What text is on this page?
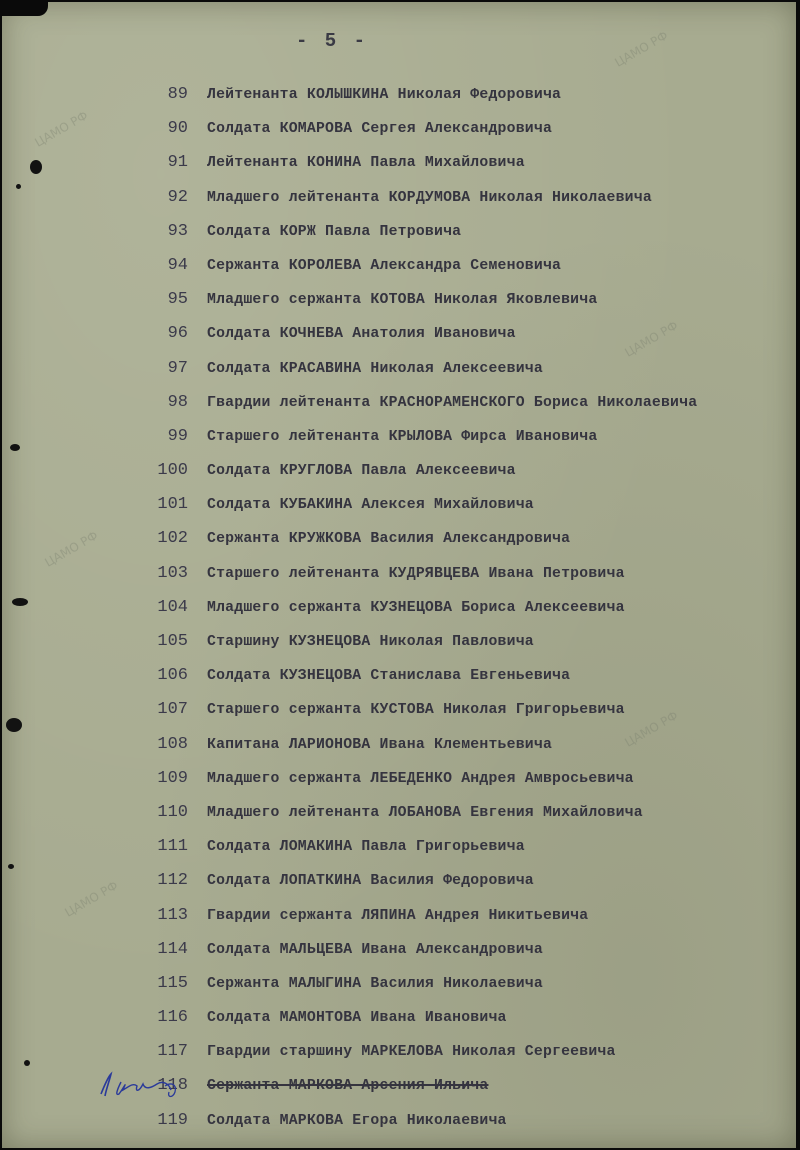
ЦАМО РФ
ЦАМО РФ
ЦАМО РФ
ЦАМО РФ
ЦАМО РФ
ЦАМО РФ
- 5 -
89 Лейтенанта КОЛЫШКИНА Николая Федоровича
90 Солдата КОМАРОВА Сергея Александровича
91 Лейтенанта КОНИНА Павла Михайловича
92 Младшего лейтенанта КОРДУМОВА Николая Николаевича
93 Солдата КОРЖ Павла Петровича
94 Сержанта КОРОЛЕВА Александра Семеновича
95 Младшего сержанта КОТОВА Николая Яковлевича
96 Солдата КОЧНЕВА Анатолия Ивановича
97 Солдата КРАСАВИНА Николая Алексеевича
98 Гвардии лейтенанта КРАСНОРАМЕНСКОГО Бориса Николаевича
99 Старшего лейтенанта КРЫЛОВА Фирса Ивановича
100 Солдата КРУГЛОВА Павла Алексеевича
101 Солдата КУБАКИНА Алексея Михайловича
102 Сержанта КРУЖКОВА Василия Александровича
103 Старшего лейтенанта КУДРЯВЦЕВА Ивана Петровича
104 Младшего сержанта КУЗНЕЦОВА Бориса Алексеевича
105 Старшину КУЗНЕЦОВА Николая Павловича
106 Солдата КУЗНЕЦОВА Станислава Евгеньевича
107 Старшего сержанта КУСТОВА Николая Григорьевича
108 Капитана ЛАРИОНОВА Ивана Клементьевича
109 Младшего сержанта ЛЕБЕДЕНКО Андрея Амвросьевича
110 Младшего лейтенанта ЛОБАНОВА Евгения Михайловича
111 Солдата ЛОМАКИНА Павла Григорьевича
112 Солдата ЛОПАТКИНА Василия Федоровича
113 Гвардии сержанта ЛЯПИНА Андрея Никитьевича
114 Солдата МАЛЬЦЕВА Ивана Александровича
115 Сержанта МАЛЫГИНА Василия Николаевича
116 Солдата МАМОНТОВА Ивана Ивановича
117 Гвардии старшину МАРКЕЛОВА Николая Сергеевича
118 Сержанта МАРКОВА Арсения Ильича
119 Солдата МАРКОВА Егора Николаевича
